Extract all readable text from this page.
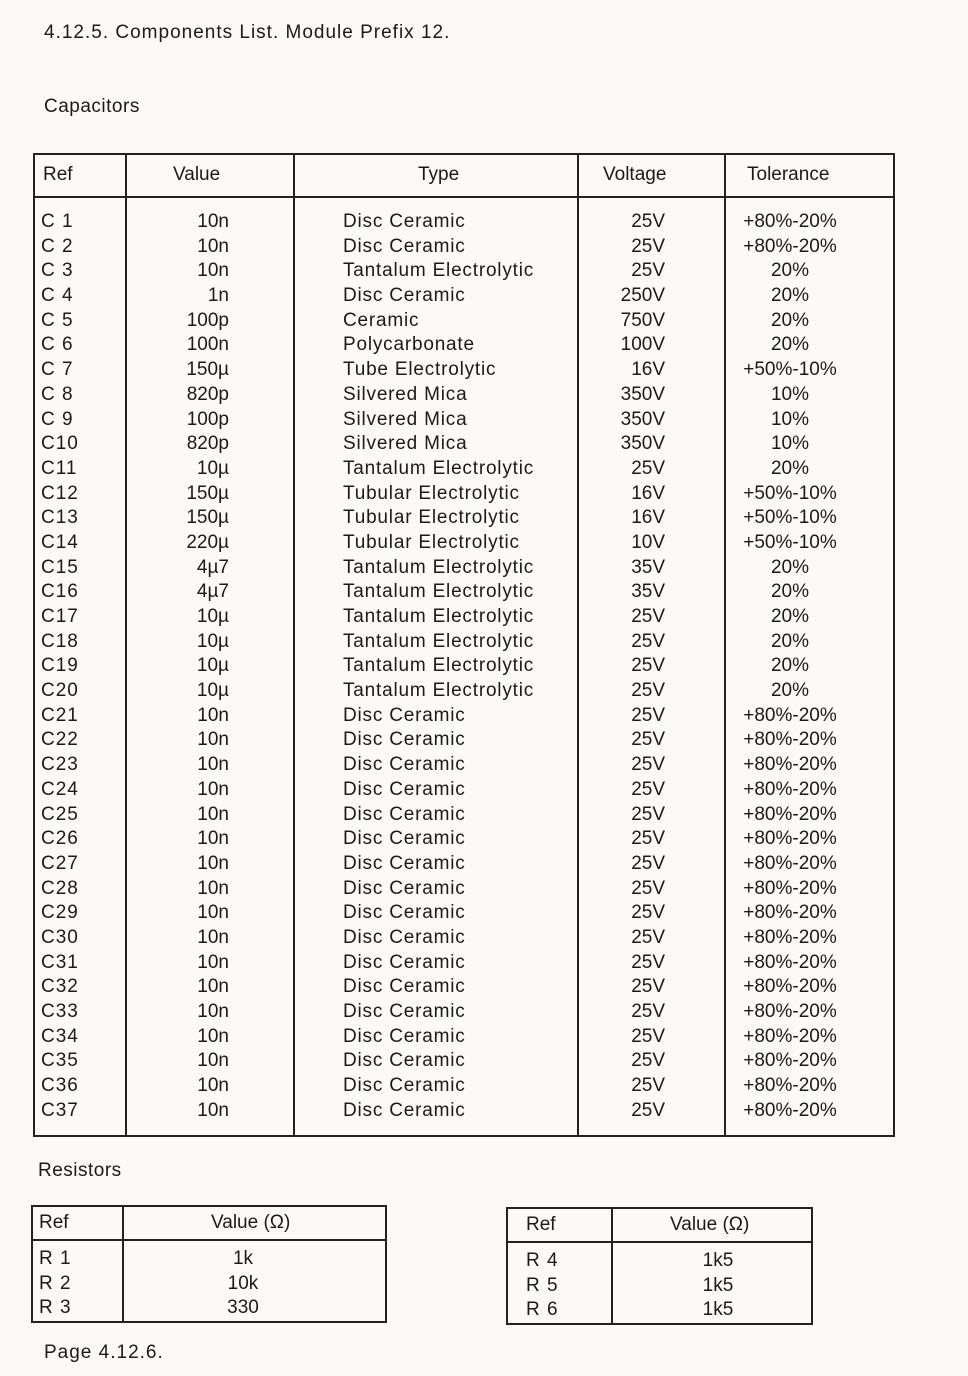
4.12.5. Components List. Module Prefix 12.
Capacitors
Ref	Value	Type	Voltage	Tolerance
C 1	10n	Disc Ceramic	25V	+80%-20%
C 2	10n	Disc Ceramic	25V	+80%-20%
C 3	10n	Tantalum Electrolytic	25V	20%
C 4	1n	Disc Ceramic	250V	20%
C 5	100p	Ceramic	750V	20%
C 6	100n	Polycarbonate	100V	20%
C 7	150µ	Tube Electrolytic	16V	+50%-10%
C 8	820p	Silvered Mica	350V	10%
C 9	100p	Silvered Mica	350V	10%
C10	820p	Silvered Mica	350V	10%
C11	10µ	Tantalum Electrolytic	25V	20%
C12	150µ	Tubular Electrolytic	16V	+50%-10%
C13	150µ	Tubular Electrolytic	16V	+50%-10%
C14	220µ	Tubular Electrolytic	10V	+50%-10%
C15	4µ7	Tantalum Electrolytic	35V	20%
C16	4µ7	Tantalum Electrolytic	35V	20%
C17	10µ	Tantalum Electrolytic	25V	20%
C18	10µ	Tantalum Electrolytic	25V	20%
C19	10µ	Tantalum Electrolytic	25V	20%
C20	10µ	Tantalum Electrolytic	25V	20%
C21	10n	Disc Ceramic	25V	+80%-20%
C22	10n	Disc Ceramic	25V	+80%-20%
C23	10n	Disc Ceramic	25V	+80%-20%
C24	10n	Disc Ceramic	25V	+80%-20%
C25	10n	Disc Ceramic	25V	+80%-20%
C26	10n	Disc Ceramic	25V	+80%-20%
C27	10n	Disc Ceramic	25V	+80%-20%
C28	10n	Disc Ceramic	25V	+80%-20%
C29	10n	Disc Ceramic	25V	+80%-20%
C30	10n	Disc Ceramic	25V	+80%-20%
C31	10n	Disc Ceramic	25V	+80%-20%
C32	10n	Disc Ceramic	25V	+80%-20%
C33	10n	Disc Ceramic	25V	+80%-20%
C34	10n	Disc Ceramic	25V	+80%-20%
C35	10n	Disc Ceramic	25V	+80%-20%
C36	10n	Disc Ceramic	25V	+80%-20%
C37	10n	Disc Ceramic	25V	+80%-20%
Resistors
Ref	Value (Ω)
R 1	1k
R 2	10k
R 3	330
Ref	Value (Ω)
R 4	1k5
R 5	1k5
R 6	1k5
Page 4.12.6.
